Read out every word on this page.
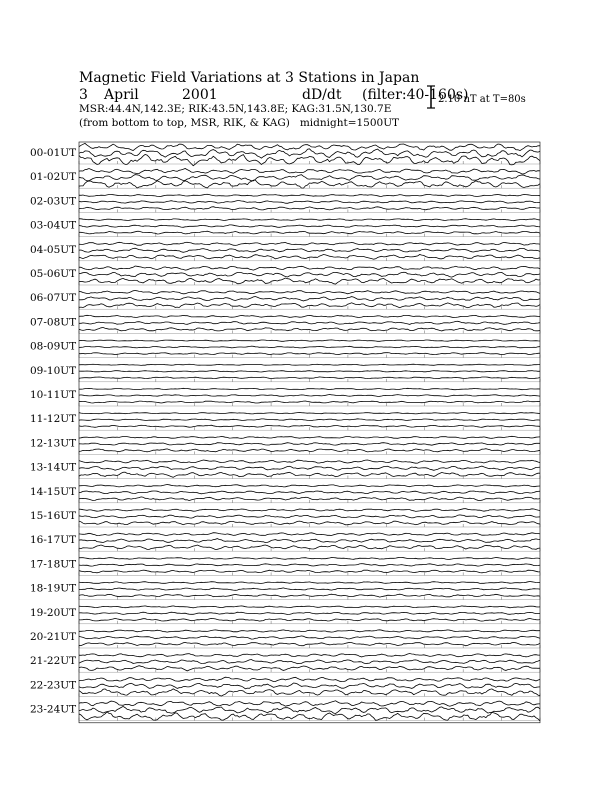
Magnetic Field Variations at 3 Stations in Japan
3 April	2001	dD/dt (filter:40-160s)
MSR:44.4N,142.3E; RIK:43.5N,143.8E; KAG:31.5N,130.7E
(from bottom to top, MSR, RIK, & KAG) midnight=1500UT
2.10 nT at T=80s
00-01UT
01-02UT
02-03UT
03-04UT
04-05UT
05-06UT
06-07UT
07-08UT
08-09UT
09-10UT
10-11UT
11-12UT
12-13UT
13-14UT
14-15UT
15-16UT
16-17UT
17-18UT
18-19UT
19-20UT
20-21UT
21-22UT
22-23UT
23-24UT
